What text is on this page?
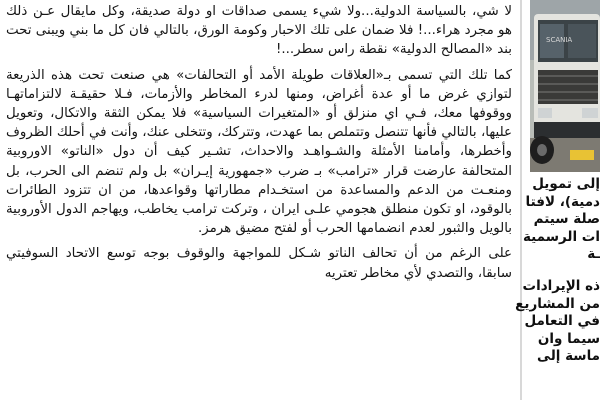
لا شي، بالسياسة الدولية...ولا شيء يسمى صداقات او دولة صديقة، وكل مايقال عـن ذلك هو مجرد هراء...! فلا ضمان على تلك الاحبار وكومة الورق، بالتالي فان كل ما بني ويبنى تحت بند «المصالح الدولية» نقطة راس سطر...!

كما تلك التي تسمى بـ«العلاقات طويلة الأمد أو التحالفات» هي صنعت تحت هذه الذريعة لتوازي غرض ما أو عدة أغراض، ومنها لدرء المخاطر والأزمات، فـلا حقيقـة لالتزاماتهـا ووقوفها معك، فـي اي منزلق أو «المتغيرات السياسية» فلا يمكن الثقة والاتكال، وتعويل عليها، بالتالي فأنها تتنصل وتتملص بما عهدت، وتتركك، وتتخلى عنك، وأنت في أحلك الظروف وأخطرها، وأمامنا الأمثلة والشـواهـد والاحداث، تشـير كيف أن دول «الناتو» الاوروبية المتحالفة عارضت قرار «ترامب» بـ ضرب «جمهورية إيـران» بل ولم تنضم الى الحرب، بل ومنعـت من الدعم والمساعدة من استخـدام مطاراتها وقواعدها، من ان تتزود الطائرات بالوقود، او تكون منطلق هجومي علـى ايران ، وتركت ترامب يخاطب، ويهاجم الدول الأوروبية بالويل والثبور لعدم انضمامها الحرب أو لفتح مضيق هرمز.

على الرغم من أن تحالف الناتو شـكل للمواجهة والوقوف بوجه توسع الاتحاد السوفيتي سابقا، والتصدي لأي مخاطر تعتريه

SCANIA
إلى تمويل
دمية)، لافتا
صلة سيتم
ات الرسمية
ـة
ذه الإيرادات
من المشاريع
في التعامل
سيما وان
ماسة إلى
